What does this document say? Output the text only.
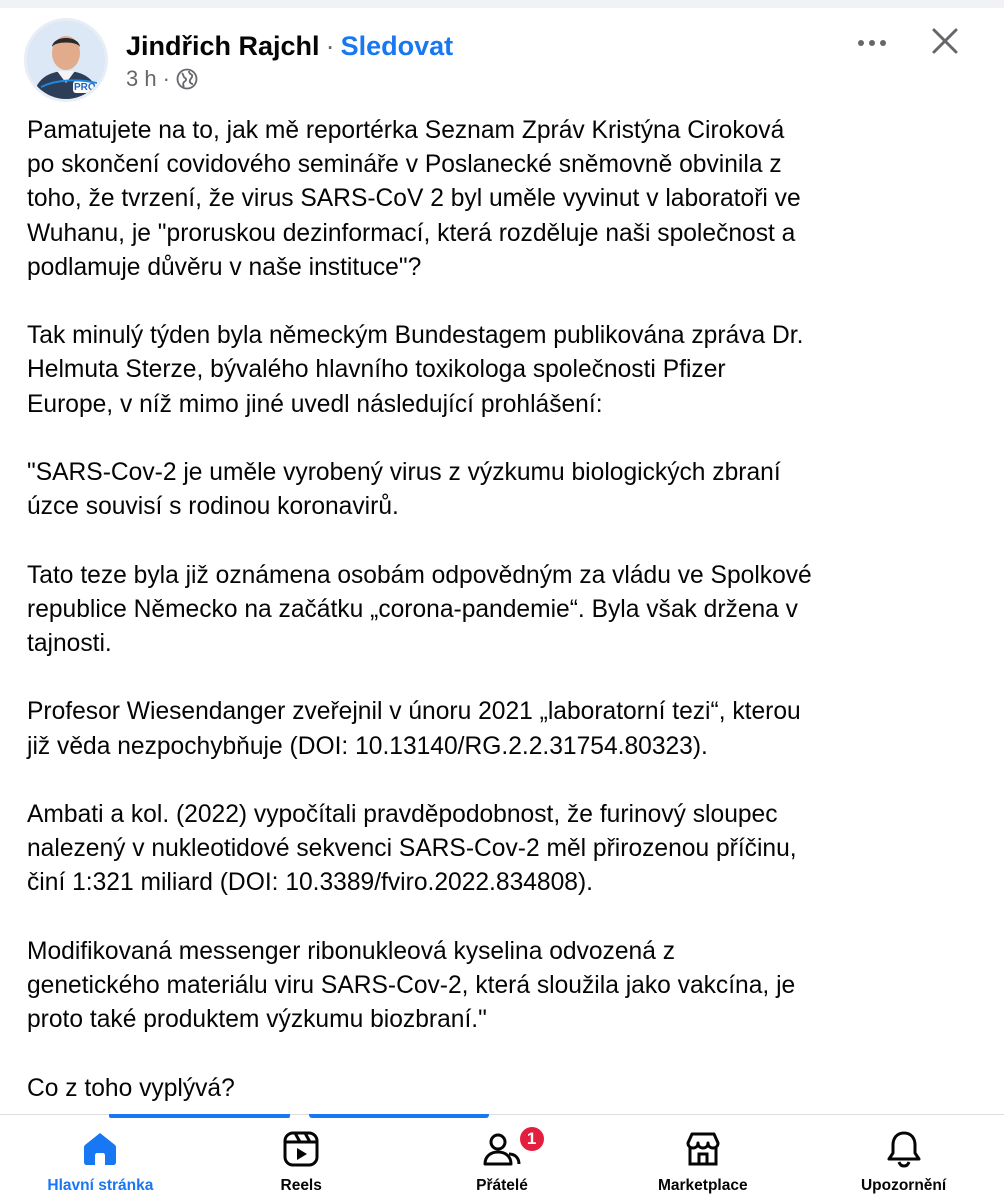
PRO
Jindřich Rajchl · Sledovat
3 h ·

Pamatujete na to, jak mě reportérka Seznam Zpráv Kristýna Ciroková
po skončení covidového semináře v Poslanecké sněmovně obvinila z
toho, že tvrzení, že virus SARS-CoV 2 byl uměle vyvinut v laboratoři ve
Wuhanu, je "proruskou dezinformací, která rozděluje naši společnost a
podlamuje důvěru v naše instituce"?

Tak minulý týden byla německým Bundestagem publikována zpráva Dr.
Helmuta Sterze, bývalého hlavního toxikologa společnosti Pfizer
Europe, v níž mimo jiné uvedl následující prohlášení:

"SARS-Cov-2 je uměle vyrobený virus z výzkumu biologických zbraní
úzce souvisí s rodinou koronavirů.

Tato teze byla již oznámena osobám odpovědným za vládu ve Spolkové
republice Německo na začátku „corona-pandemie“. Byla však držena v
tajnosti.

Profesor Wiesendanger zveřejnil v únoru 2021 „laboratorní tezi“, kterou
již věda nezpochybňuje (DOI: 10.13140/RG.2.2.31754.80323).

Ambati a kol. (2022) vypočítali pravděpodobnost, že furinový sloupec
nalezený v nukleotidové sekvenci SARS-Cov-2 měl přirozenou příčinu,
činí 1:321 miliard (DOI: 10.3389/fviro.2022.834808).

Modifikovaná messenger ribonukleová kyselina odvozená z
genetického materiálu viru SARS-Cov-2, která sloužila jako vakcína, je
proto také produktem výzkumu biozbraní."

Co z toho vyplývá?

Hlavní stránka	Reels	Přátelé
1
Marketplace	Upozornění
